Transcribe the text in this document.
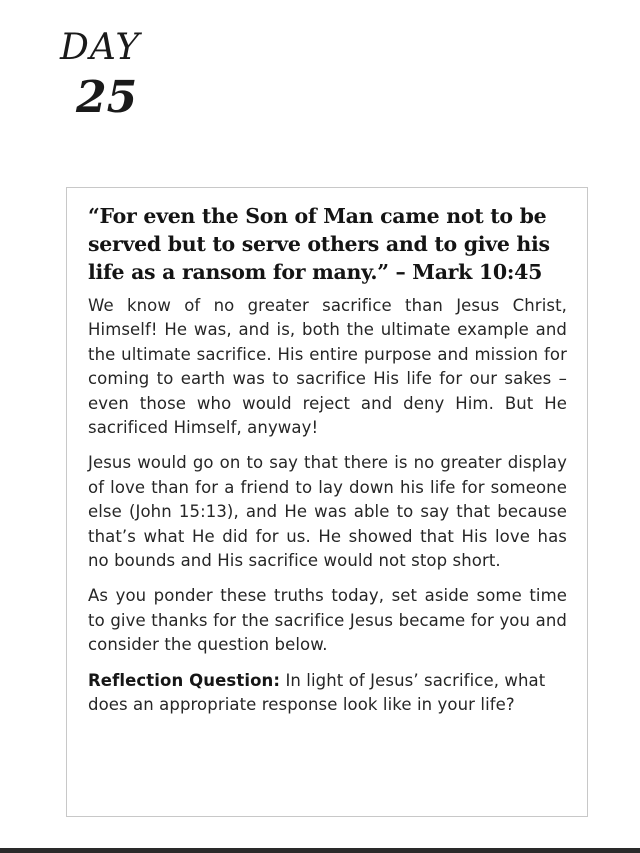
DAY
25

“For even the Son of Man came not to be served but to serve others and to give his life as a ransom for many.” – Mark 10:45

We know of no greater sacrifice than Jesus Christ, Himself! He was, and is, both the ultimate example and the ultimate sacrifice. His entire purpose and mission for coming to earth was to sacrifice His life for our sakes – even those who would reject and deny Him. But He sacrificed Himself, anyway!

Jesus would go on to say that there is no greater display of love than for a friend to lay down his life for someone else (John 15:13), and He was able to say that because that’s what He did for us. He showed that His love has no bounds and His sacrifice would not stop short.

As you ponder these truths today, set aside some time to give thanks for the sacrifice Jesus became for you and consider the question below.

Reflection Question: In light of Jesus’ sacrifice, what does an appropriate response look like in your life?
